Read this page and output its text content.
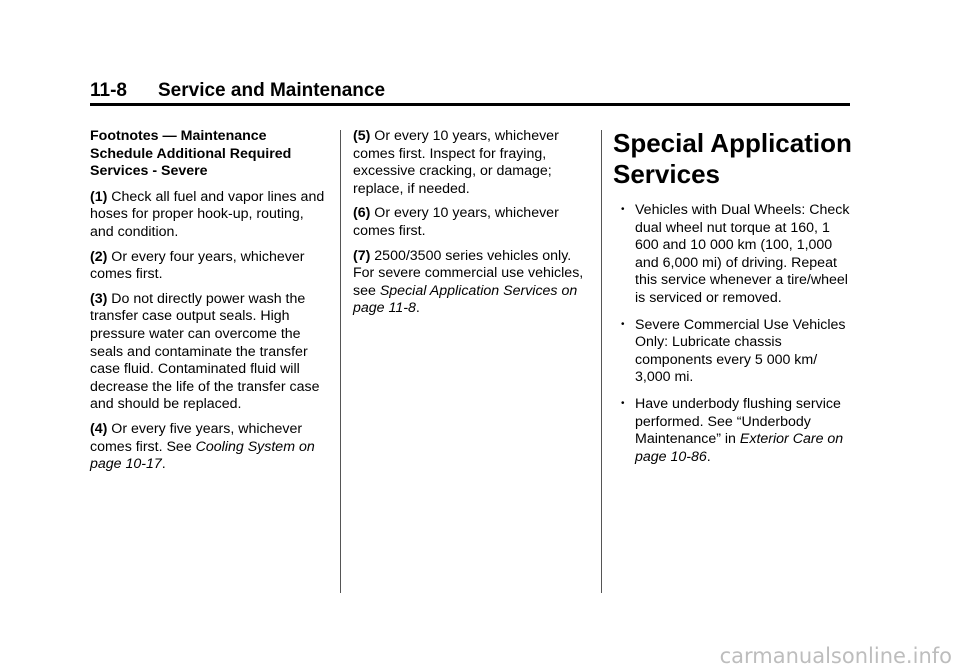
11-8 Service and Maintenance

Footnotes — Maintenance Schedule Additional Required Services - Severe

(1) Check all fuel and vapor lines and hoses for proper hook-up, routing, and condition.

(2) Or every four years, whichever comes first.

(3) Do not directly power wash the transfer case output seals. High pressure water can overcome the seals and contaminate the transfer case fluid. Contaminated fluid will decrease the life of the transfer case and should be replaced.

(4) Or every five years, whichever comes first. See Cooling System on page 10-17.

(5) Or every 10 years, whichever comes first. Inspect for fraying, excessive cracking, or damage; replace, if needed.

(6) Or every 10 years, whichever comes first.

(7) 2500/3500 series vehicles only. For severe commercial use vehicles, see Special Application Services on page 11-8.

Special Application Services
• Vehicles with Dual Wheels: Check dual wheel nut torque at 160, 1 600 and 10 000 km (100, 1,000 and 6,000 mi) of driving. Repeat this service whenever a tire/wheel is serviced or removed.
• Severe Commercial Use Vehicles Only: Lubricate chassis components every 5 000 km/ 3,000 mi.
• Have underbody flushing service performed. See “Underbody Maintenance” in Exterior Care on page 10-86.
carmanualsonline.info
